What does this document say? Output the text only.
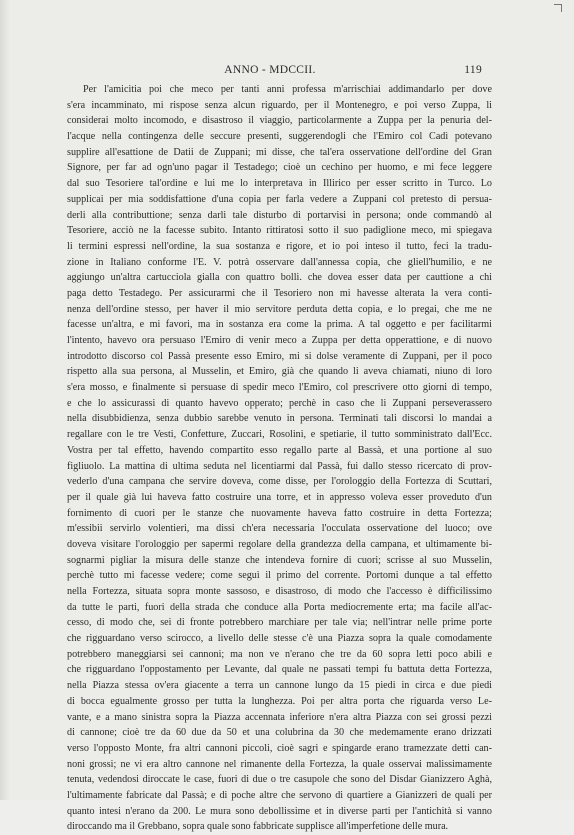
ANNO - MDCCII.	119
Per l'amicitia poi che meco per tanti anni professa m'arrischiai addimandarlo per dove
s'era incamminato, mi rispose senza alcun riguardo, per il Montenegro, e poi verso Zuppa, li
considerai molto incomodo, e disastroso il viaggio, particolarmente a Zuppa per la penuria del-
l'acque nella contingenza delle seccure presenti, suggerendogli che l'Emiro col Cadì potevano
supplire all'esattione de Datii de Zuppani; mi disse, che tal'era osservatione dell'ordine del Gran
Signore, per far ad ogn'uno pagar il Testadego; cioè un cechino per huomo, e mi fece leggere
dal suo Tesoriere tal'ordine e lui me lo interpretava in Illirico per esser scritto in Turco. Lo
supplicai per mia soddisfattione d'una copia per farla vedere a Zuppani col pretesto di persua-
derli alla contributtione; senza darli tale disturbo di portarvisi in persona; onde commandò al
Tesoriere, acciò ne la facesse subito. Intanto rittiratosi sotto il suo padiglione meco, mi spiegava
li termini espressi nell'ordine, la sua sostanza e rigore, et io poi inteso il tutto, feci la tradu-
zione in Italiano conforme l'E. V. potrà osservare dall'annessa copia, che gliell'humilio, e ne
aggiungo un'altra cartucciola gialla con quattro bolli. che dovea esser data per cauttione a chi
paga detto Testadego. Per assicurarmi che il Tesoriero non mi havesse alterata la vera conti-
nenza dell'ordine stesso, per haver il mio servitore perduta detta copia, e lo pregai, che me ne
facesse un'altra, e mi favori, ma in sostanza era come la prima. A tal oggetto e per facilitarmi
l'intento, havevo ora persuaso l'Emiro di venir meco a Zuppa per detta opperattione, e di nuovo
introdotto discorso col Passà presente esso Emiro, mi si dolse veramente di Zuppani, per il poco
rispetto alla sua persona, al Musselin, et Emiro, già che quando li aveva chiamati, niuno di loro
s'era mosso, e finalmente si persuase di spedir meco l'Emiro, col prescrivere otto giorni di tempo,
e che lo assicurassi di quanto havevo opperato; perchè in caso che li Zuppani perseverassero
nella disubbidienza, senza dubbio sarebbe venuto in persona. Terminati tali discorsi lo mandai a
regallare con le tre Vesti, Confetture, Zuccari, Rosolini, e spetiarie, il tutto somministrato dall'Ecc.
Vostra per tal effetto, havendo compartito esso regallo parte al Bassà, et una portione al suo
figliuolo. La mattina di ultima seduta nel licentiarmi dal Passà, fui dallo stesso ricercato di prov-
vederlo d'una campana che servire doveva, come disse, per l'orologgio della Fortezza di Scuttari,
per il quale già lui haveva fatto costruire una torre, et in appresso voleva esser proveduto d'un
fornimento di cuori per le stanze che nuovamente haveva fatto costruire in detta Fortezza;
m'essibii servirlo volentieri, ma dissi ch'era necessaria l'occulata osservatione del luoco; ove
doveva visitare l'orologgio per sapermi regolare della grandezza della campana, et ultimamente bi-
sognarmi pigliar la misura delle stanze che intendeva fornire di cuori; scrisse al suo Musselin,
perchè tutto mi facesse vedere; come seguì il primo del corrente. Portomi dunque a tal effetto
nella Fortezza, situata sopra monte sassoso, e disastroso, di modo che l'accesso è difficilissimo
da tutte le parti, fuori della strada che conduce alla Porta mediocremente erta; ma facile all'ac-
cesso, di modo che, sei di fronte potrebbero marchiare per tale via; nell'intrar nelle prime porte
che rigguardano verso scirocco, a livello delle stesse c'è una Piazza sopra la quale comodamente
potrebbero maneggiarsi sei cannoni; ma non ve n'erano che tre da 60 sopra letti poco abili e
che rigguardano l'oppostamento per Levante, dal quale ne passati tempi fu battuta detta Fortezza,
nella Piazza stessa ov'era giacente a terra un cannone lungo da 15 piedi in circa e due piedi
di bocca egualmente grosso per tutta la lunghezza. Poi per altra porta che riguarda verso Le-
vante, e a mano sinistra sopra la Piazza accennata inferiore n'era altra Piazza con sei grossi pezzi
di cannone; cioè tre da 60 due da 50 et una colubrina da 30 che medemamente erano drizzati
verso l'opposto Monte, fra altri cannoni piccoli, cioè sagri e spingarde erano tramezzate detti can-
noni grossi; ne vi era altro cannone nel rimanente della Fortezza, la quale osservai malissimamente
tenuta, vedendosi diroccate le case, fuori di due o tre casupole che sono del Disdar Gianizzero Aghà,
l'ultimamente fabricate dal Passà; e di poche altre che servono di quartiere a Gianizzeri de quali per
quanto intesi n'erano da 200. Le mura sono debollissime et in diverse parti per l'antichità si vanno
diroccando ma il Grebbano, sopra quale sono fabbricate supplisce all'imperfetione delle mura.
